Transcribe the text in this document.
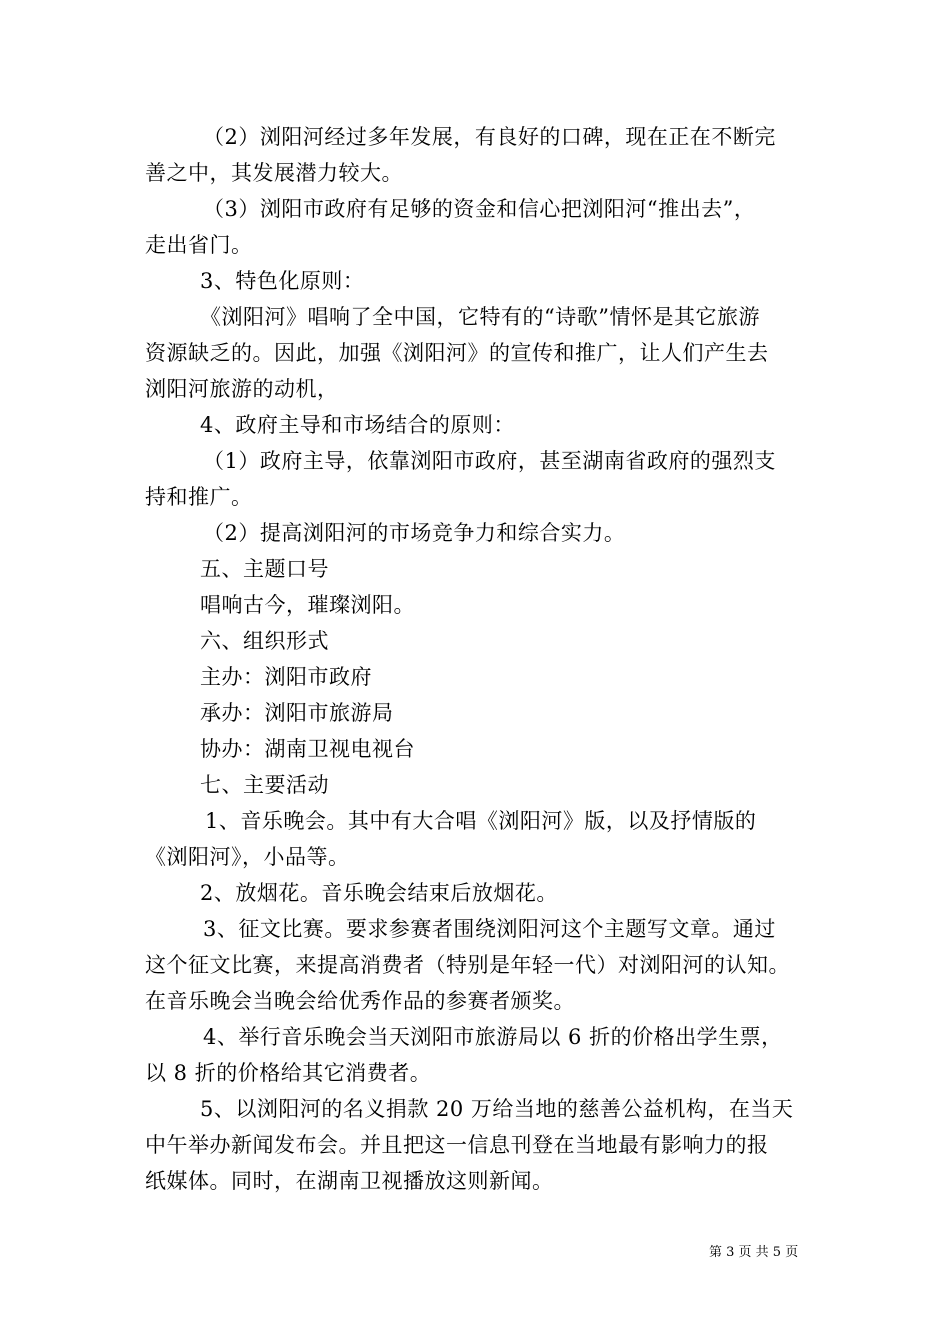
（2）浏阳河经过多年发展，有良好的口碑，现在正在不断完
善之中，其发展潜力较大。
（3）浏阳市政府有足够的资金和信心把浏阳河“推出去”，
走出省门。
3、特色化原则：
《浏阳河》唱响了全中国，它特有的“诗歌”情怀是其它旅游
资源缺乏的。因此，加强《浏阳河》的宣传和推广，让人们产生去
浏阳河旅游的动机，
4、政府主导和市场结合的原则：
（1）政府主导，依靠浏阳市政府，甚至湖南省政府的强烈支
持和推广。
（2）提高浏阳河的市场竞争力和综合实力。
五、主题口号
唱响古今，璀璨浏阳。
六、组织形式
主办：浏阳市政府
承办：浏阳市旅游局
协办：湖南卫视电视台
七、主要活动
1、音乐晚会。其中有大合唱《浏阳河》版，以及抒情版的
《浏阳河》，小品等。
2、放烟花。音乐晚会结束后放烟花。
3、征文比赛。要求参赛者围绕浏阳河这个主题写文章。通过
这个征文比赛，来提高消费者（特别是年轻一代）对浏阳河的认知。
在音乐晚会当晚会给优秀作品的参赛者颁奖。
4、举行音乐晚会当天浏阳市旅游局以 6 折的价格出学生票，
以 8 折的价格给其它消费者。
5、以浏阳河的名义捐款 20 万给当地的慈善公益机构，在当天
中午举办新闻发布会。并且把这一信息刊登在当地最有影响力的报
纸媒体。同时，在湖南卫视播放这则新闻。
第 3 页 共 5 页
